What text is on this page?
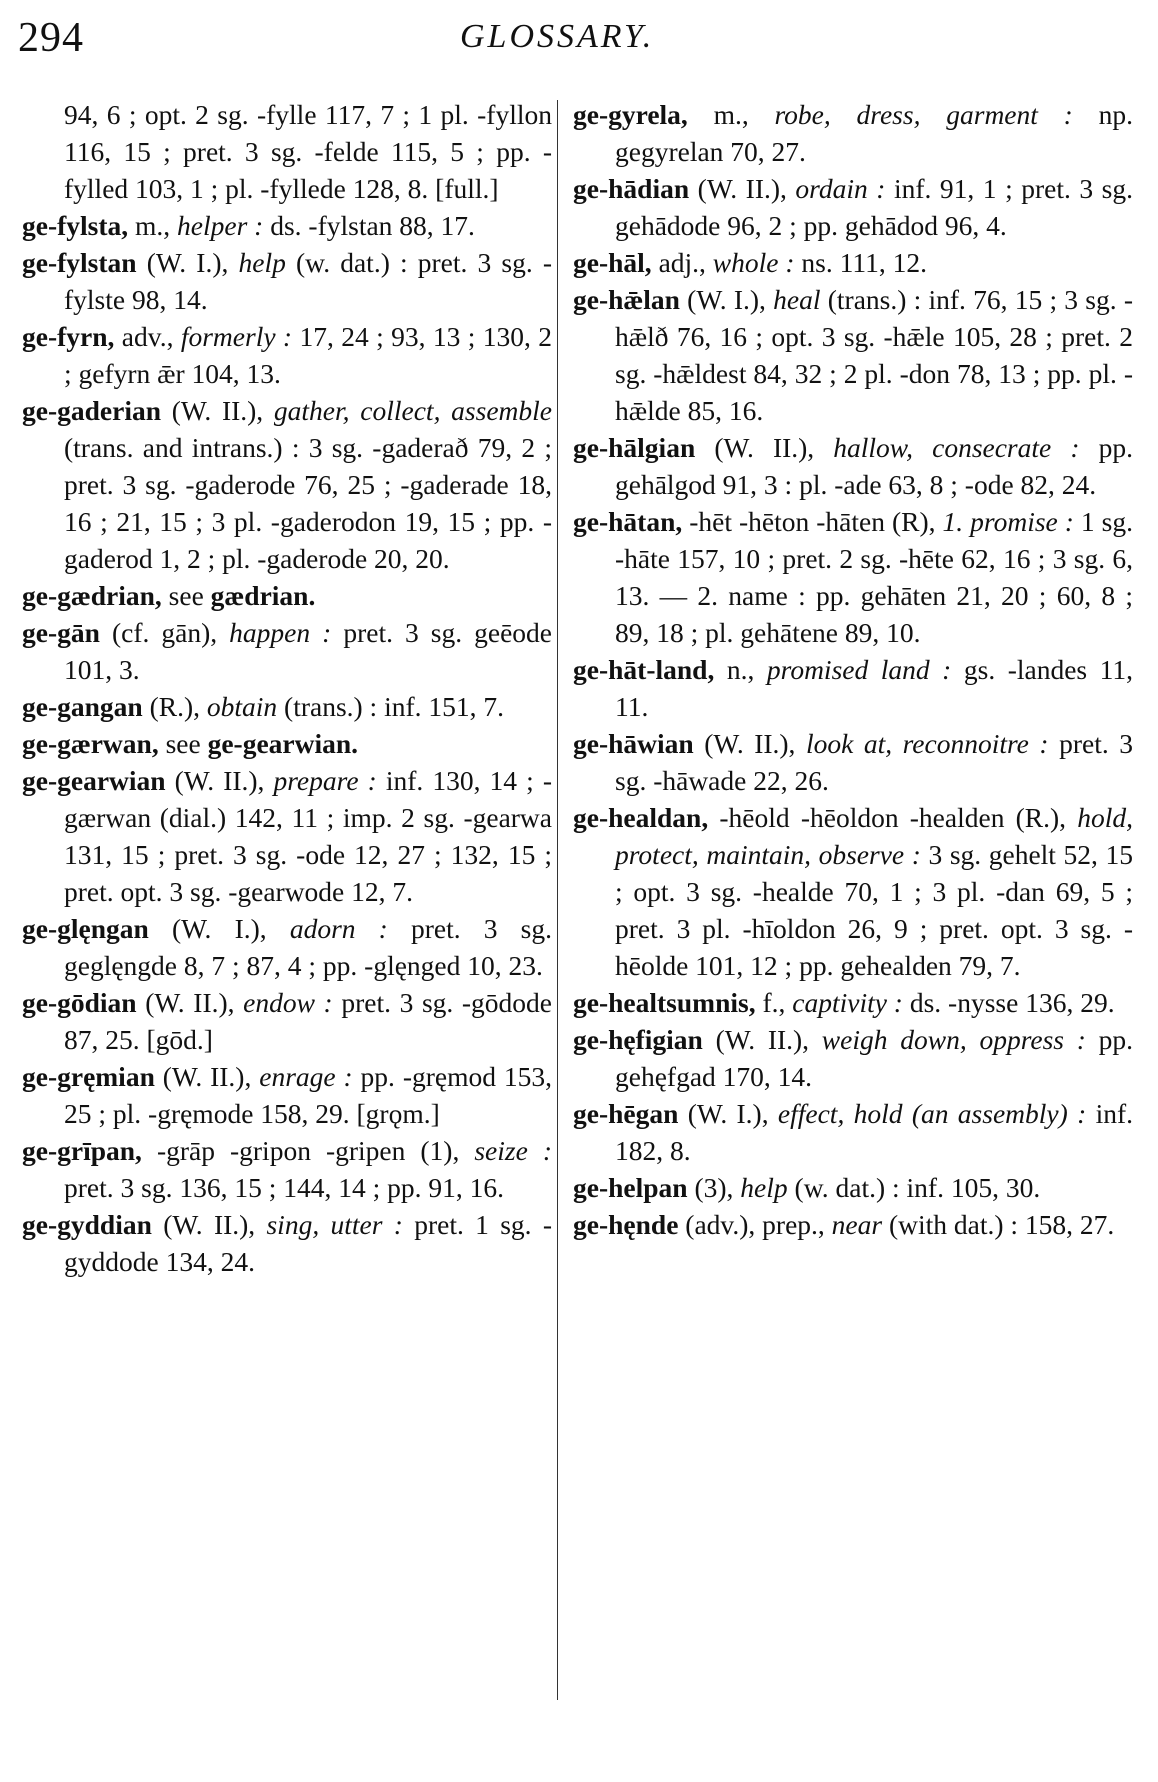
294	GLOSSARY.

94, 6 ; opt. 2 sg. -fylle 117, 7 ; 1 pl. -fyllon 116, 15 ; pret. 3 sg. -felde 115, 5 ; pp. -fylled 103, 1 ; pl. -fyllede 128, 8. [full.]

ge-fylsta, m., helper : ds. -fylstan 88, 17.

ge-fylstan (W. I.), help (w. dat.) : pret. 3 sg. -fylste 98, 14.

ge-fyrn, adv., formerly : 17, 24 ; 93, 13 ; 130, 2 ; gefyrn ǣr 104, 13.

ge-gaderian (W. II.), gather, collect, assemble (trans. and intrans.) : 3 sg. -gaderað 79, 2 ; pret. 3 sg. -gaderode 76, 25 ; -gaderade 18, 16 ; 21, 15 ; 3 pl. -gaderodon 19, 15 ; pp. -gaderod 1, 2 ; pl. -gaderode 20, 20.

ge-gædrian, see gædrian.

ge-gān (cf. gān), happen : pret. 3 sg. geēode 101, 3.

ge-gangan (R.), obtain (trans.) : inf. 151, 7.

ge-gærwan, see ge-gearwian.

ge-gearwian (W. II.), prepare : inf. 130, 14 ; -gærwan (dial.) 142, 11 ; imp. 2 sg. -gearwa 131, 15 ; pret. 3 sg. -ode 12, 27 ; 132, 15 ; pret. opt. 3 sg. -gearwode 12, 7.

ge-glęngan (W. I.), adorn : pret. 3 sg. geglęngde 8, 7 ; 87, 4 ; pp. -glęnged 10, 23.

ge-gōdian (W. II.), endow : pret. 3 sg. -gōdode 87, 25. [gōd.]

ge-gręmian (W. II.), enrage : pp. -gręmod 153, 25 ; pl. -gręmode 158, 29. [grǫm.]

ge-grīpan, -grāp -gripon -gripen (1), seize : pret. 3 sg. 136, 15 ; 144, 14 ; pp. 91, 16.

ge-gyddian (W. II.), sing, utter : pret. 1 sg. -gyddode 134, 24.

ge-gyrela, m., robe, dress, garment : np. gegyrelan 70, 27.

ge-hādian (W. II.), ordain : inf. 91, 1 ; pret. 3 sg. gehādode 96, 2 ; pp. gehādod 96, 4.

ge-hāl, adj., whole : ns. 111, 12.

ge-hǣlan (W. I.), heal (trans.) : inf. 76, 15 ; 3 sg. -hǣlð 76, 16 ; opt. 3 sg. -hǣle 105, 28 ; pret. 2 sg. -hǣldest 84, 32 ; 2 pl. -don 78, 13 ; pp. pl. -hǣlde 85, 16.

ge-hālgian (W. II.), hallow, consecrate : pp. gehālgod 91, 3 : pl. -ade 63, 8 ; -ode 82, 24.

ge-hātan, -hēt -hēton -hāten (R), 1. promise : 1 sg. -hāte 157, 10 ; pret. 2 sg. -hēte 62, 16 ; 3 sg. 6, 13. — 2. name : pp. gehāten 21, 20 ; 60, 8 ; 89, 18 ; pl. gehātene 89, 10.

ge-hāt-land, n., promised land : gs. -landes 11, 11.

ge-hāwian (W. II.), look at, reconnoitre : pret. 3 sg. -hāwade 22, 26.

ge-healdan, -hēold -hēoldon -healden (R.), hold, protect, maintain, observe : 3 sg. gehelt 52, 15 ; opt. 3 sg. -healde 70, 1 ; 3 pl. -dan 69, 5 ; pret. 3 pl. -hīoldon 26, 9 ; pret. opt. 3 sg. -hēolde 101, 12 ; pp. gehealden 79, 7.

ge-healtsumnis, f., captivity : ds. -nysse 136, 29.

ge-hęfigian (W. II.), weigh down, oppress : pp. gehęfgad 170, 14.

ge-hēgan (W. I.), effect, hold (an assembly) : inf. 182, 8.

ge-helpan (3), help (w. dat.) : inf. 105, 30.

ge-hęnde (adv.), prep., near (with dat.) : 158, 27.
